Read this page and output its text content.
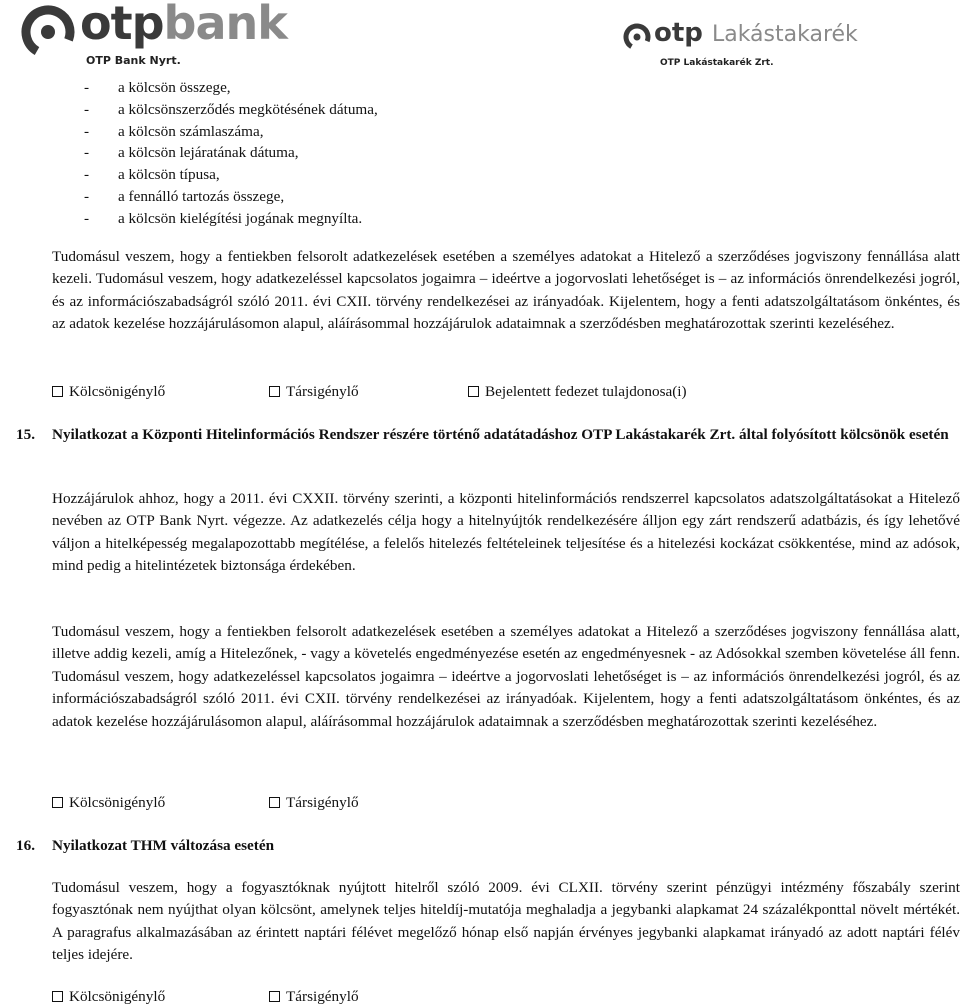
otpbank
OTP Bank Nyrt.
otp Lakástakarék
OTP Lakástakarék Zrt.
- a kölcsön összege,
- a kölcsönszerződés megkötésének dátuma,
- a kölcsön számlaszáma,
- a kölcsön lejáratának dátuma,
- a kölcsön típusa,
- a fennálló tartozás összege,
- a kölcsön kielégítési jogának megnyílta.

Tudomásul veszem, hogy a fentiekben felsorolt adatkezelések esetében a személyes adatokat a Hitelező a szerződéses jogviszony fennállása alatt kezeli. Tudomásul veszem, hogy adatkezeléssel kapcsolatos jogaimra – ideértve a jogorvoslati lehetőséget is – az információs önrendelkezési jogról, és az információszabadságról szóló 2011. évi CXII. törvény rendelkezései az irányadóak. Kijelentem, hogy a fenti adatszolgáltatásom önkéntes, és az adatok kezelése hozzájárulásomon alapul, aláírásommal hozzájárulok adataimnak a szerződésben meghatározottak szerinti kezeléséhez.

Kölcsönigénylő	Társigénylő	Bejelentett fedezet tulajdonosa(i)
15. Nyilatkozat a Központi Hitelinformációs Rendszer részére történő adatátadáshoz OTP Lakástakarék Zrt. által folyósított kölcsönök esetén

Hozzájárulok ahhoz, hogy a 2011. évi CXXII. törvény szerinti, a központi hitelinformációs rendszerrel kapcsolatos adatszolgáltatásokat a Hitelező nevében az OTP Bank Nyrt. végezze. Az adatkezelés célja hogy a hitelnyújtók rendelkezésére álljon egy zárt rendszerű adatbázis, és így lehetővé váljon a hitelképesség megalapozottabb megítélése, a felelős hitelezés feltételeinek teljesítése és a hitelezési kockázat csökkentése, mind az adósok, mind pedig a hitelintézetek biztonsága érdekében.

Tudomásul veszem, hogy a fentiekben felsorolt adatkezelések esetében a személyes adatokat a Hitelező a szerződéses jogviszony fennállása alatt, illetve addig kezeli, amíg a Hitelezőnek, - vagy a követelés engedményezése esetén az engedményesnek - az Adósokkal szemben követelése áll fenn. Tudomásul veszem, hogy adatkezeléssel kapcsolatos jogaimra – ideértve a jogorvoslati lehetőséget is – az információs önrendelkezési jogról, és az információszabadságról szóló 2011. évi CXII. törvény rendelkezései az irányadóak. Kijelentem, hogy a fenti adatszolgáltatásom önkéntes, és az adatok kezelése hozzájárulásomon alapul, aláírásommal hozzájárulok adataimnak a szerződésben meghatározottak szerinti kezeléséhez.

Kölcsönigénylő	Társigénylő
16. Nyilatkozat THM változása esetén

Tudomásul veszem, hogy a fogyasztóknak nyújtott hitelről szóló 2009. évi CLXII. törvény szerint pénzügyi intézmény főszabály szerint fogyasztónak nem nyújthat olyan kölcsönt, amelynek teljes hiteldíj-mutatója meghaladja a jegybanki alapkamat 24 százalékponttal növelt mértékét. A paragrafus alkalmazásában az érintett naptári félévet megelőző hónap első napján érvényes jegybanki alapkamat irányadó az adott naptári félév teljes idejére.

Kölcsönigénylő	Társigénylő
